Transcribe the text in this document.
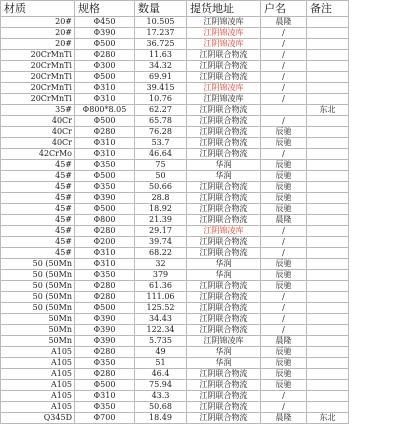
材质	规格	数量	提货地址	户名	备注
20#	Φ450	10.505	江阴锦凌库	晨隆	
20#	Φ390	17.237	江阴锦凌库	/	
20#	Φ500	36.725	江阴锦凌库	/	
20CrMnTi	Φ280	11.63	江阴联合物流	/	
20CrMnTi	Φ300	34.32	江阴联合物流	/	
20CrMnTi	Φ500	69.91	江阴联合物流	/	
20CrMnTi	Φ310	39.415	江阴锦凌库	/	
20CrMnTi	Φ310	10.76	江阴锦凌库	/	
35#	Φ800*8.05	62.27	江阴联合物流		东北
40Cr	Φ500	65.78	江阴联合物流	/	
40Cr	Φ280	76.28	江阴联合物流	辰驰	
40Cr	Φ310	53.7	江阴联合物流	辰驰	
42CrMo	Φ310	46.64	江阴联合物流	/	
45#	Φ350	75	华润	辰驰	
45#	Φ500	50	华润	辰驰	
45#	Φ350	50.66	江阴联合物流	辰驰	
45#	Φ390	28.8	江阴联合物流	辰驰	
45#	Φ500	18.92	江阴联合物流	辰驰	
45#	Φ800	21.39	江阴联合物流	晨隆	
45#	Φ280	29.17	江阴锦凌库	/	
45#	Φ200	39.74	江阴联合物流	/	
45#	Φ310	68.22	江阴联合物流	/	
50 (50Mn	Φ310	32	华润	辰驰	
50 (50Mn	Φ350	379	华润	辰驰	
50 (50Mn	Φ280	61.36	江阴联合物流	辰驰	
50 (50Mn	Φ280	111.06	江阴联合物流	/	
50 (50Mn	Φ500	125.52	江阴联合物流	/	
50Mn	Φ390	34.43	江阴联合物流	/	
50Mn	Φ390	122.34	江阴联合物流	/	
50Mn	Φ390	5.735	江阴锦凌库	晨隆	
A105	Φ280	49	华润	辰驰	
A105	Φ350	51	华润	辰驰	
A105	Φ280	46.4	江阴联合物流	辰驰	
A105	Φ500	75.94	江阴联合物流	辰驰	
A105	Φ310	43.3	江阴联合物流	/	
A105	Φ350	50.68	江阴联合物流	/	
Q345D	Φ700	18.49	江阴联合物流	晨隆	东北
